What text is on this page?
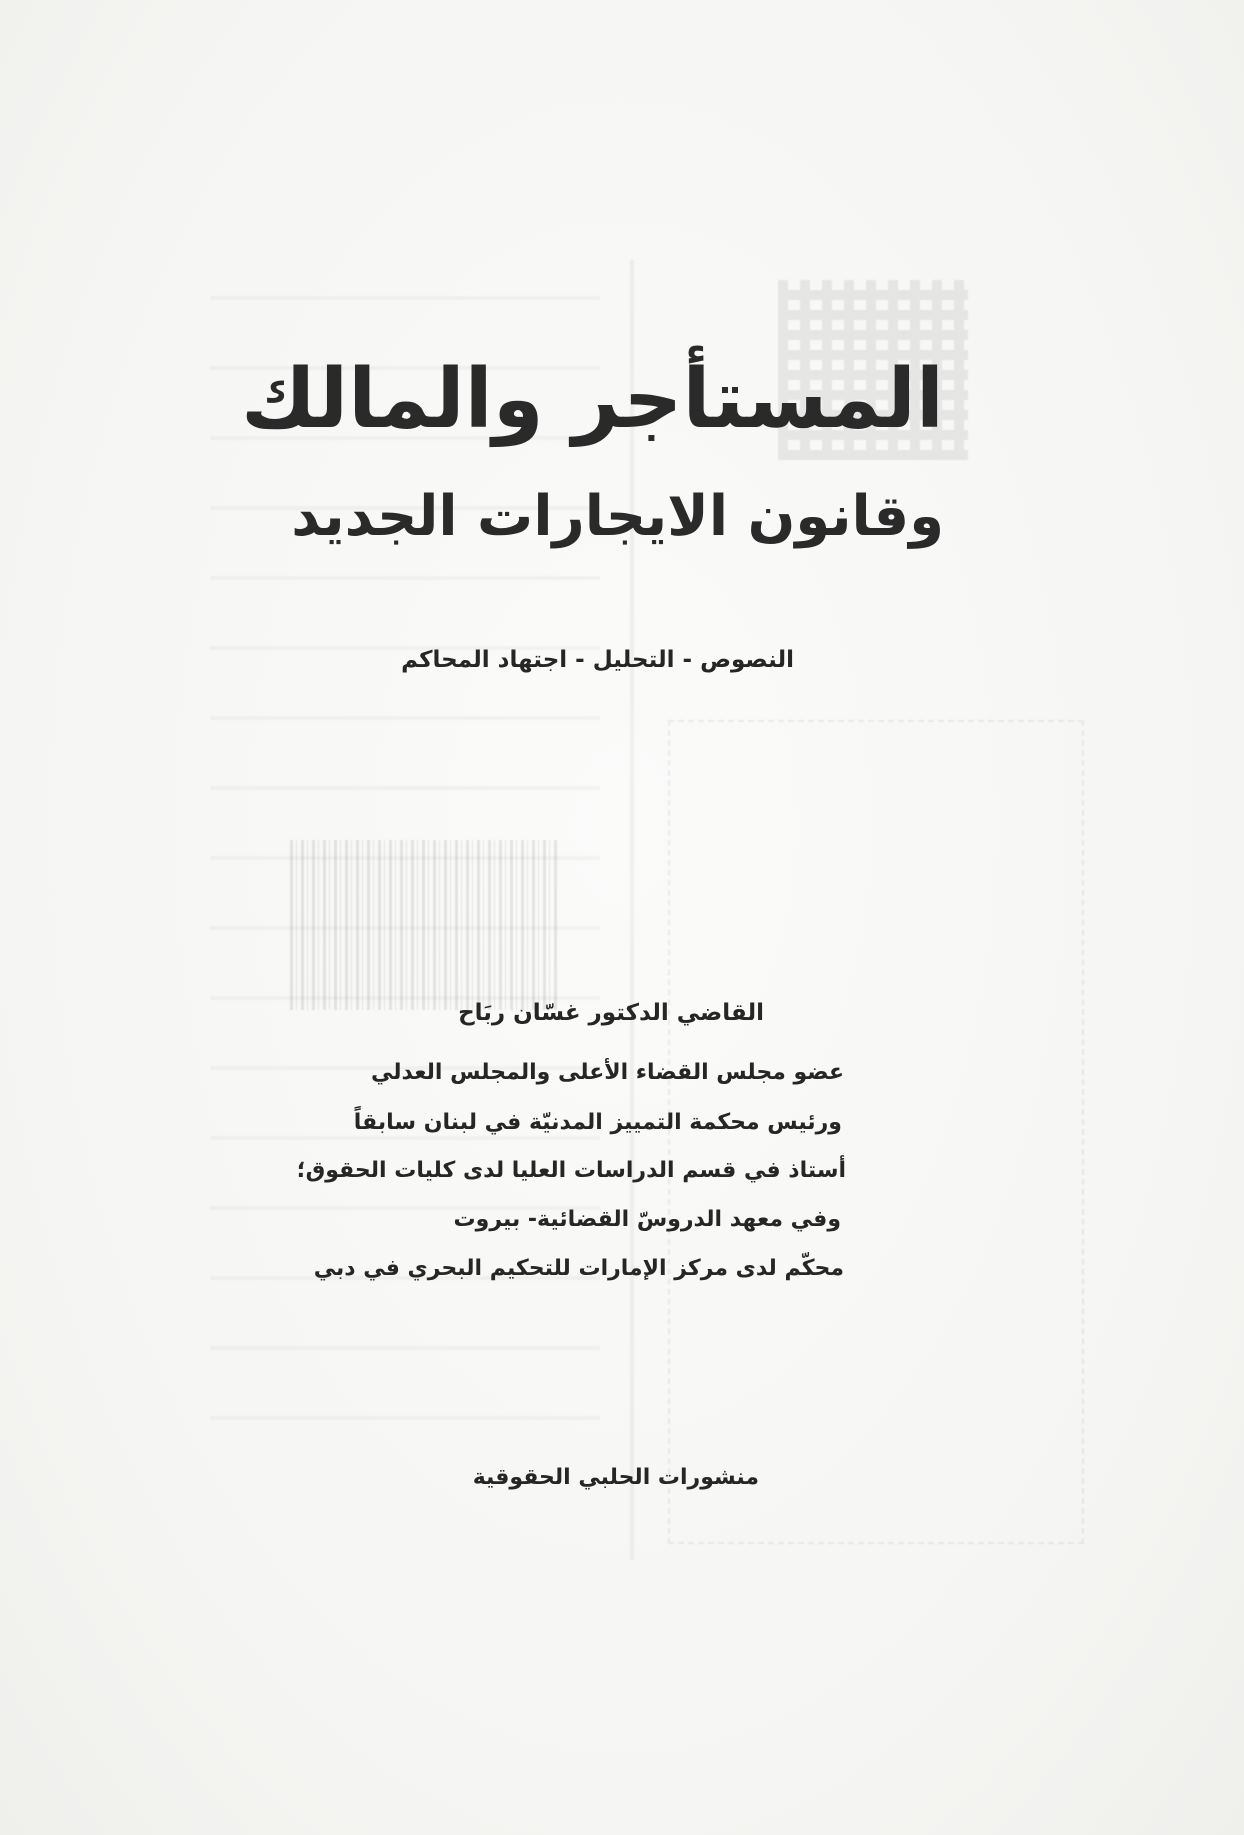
المستأجر والمالك
وقانون الايجارات الجديد
النصوص - التحليل - اجتهاد المحاكم
القاضي الدكتور غسّان ربَاح
عضو مجلس القضاء الأعلى والمجلس العدلي
ورئيس محكمة التمييز المدنيّة في لبنان سابقاً
أستاذ في قسم الدراسات العليا لدى كليات الحقوق؛
وفي معهد الدروسّ القضائية- بيروت
محكّم لدى مركز الإمارات للتحكيم البحري في دبي
منشورات الحلبي الحقوقية
